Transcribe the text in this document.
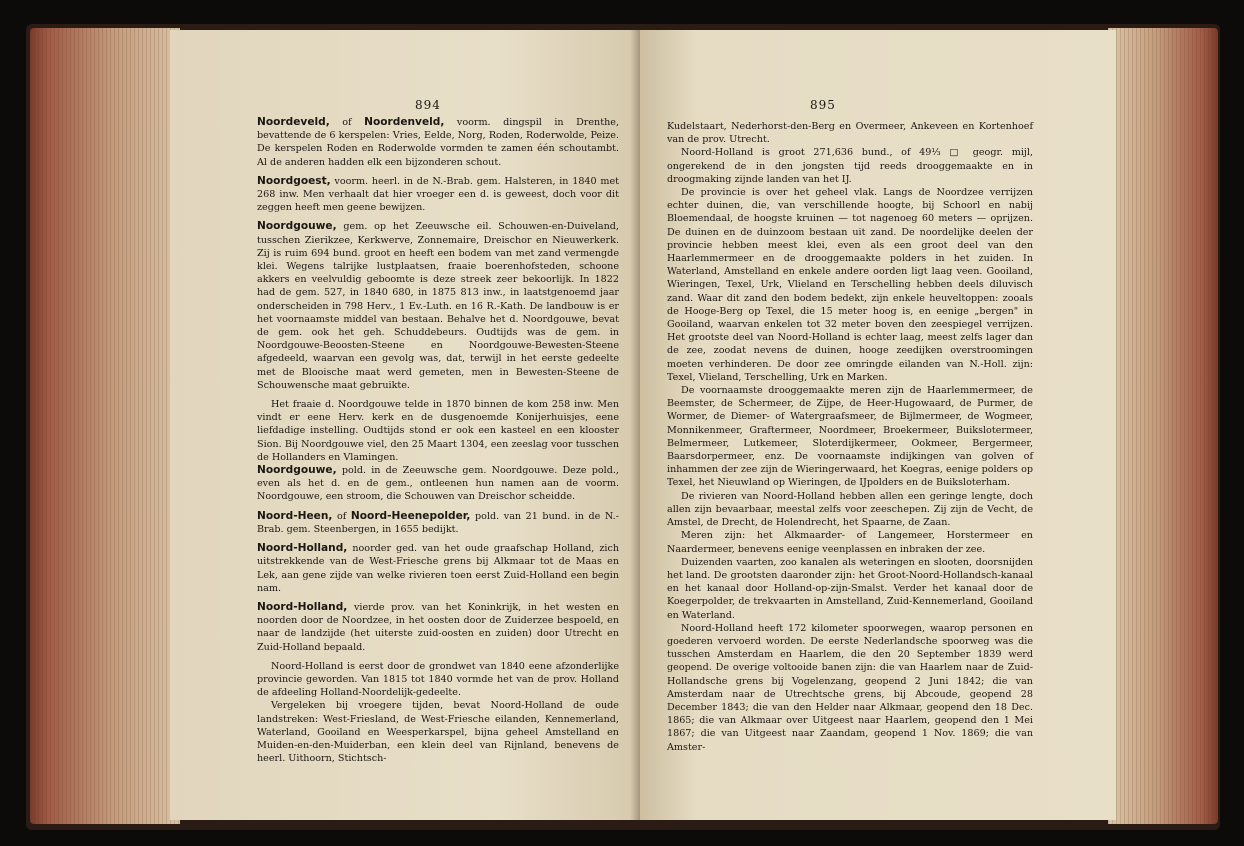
894

Noordeveld, of Noordenveld, voorm. dingspil in Drenthe, bevattende de 6 kerspelen: Vries, Eelde, Norg, Roden, Roderwolde, Peize. De kerspelen Roden en Roderwolde vormden te zamen één schoutambt. Al de anderen hadden elk een bijzonderen schout.

Noordgoest, voorm. heerl. in de N.-Brab. gem. Halsteren, in 1840 met 268 inw. Men verhaalt dat hier vroeger een d. is geweest, doch voor dit zeggen heeft men geene bewijzen.

Noordgouwe, gem. op het Zeeuwsche eil. Schouwen-en-Duiveland, tusschen Zierikzee, Kerkwerve, Zonnemaire, Dreischor en Nieuwerkerk. Zij is ruim 694 bund. groot en heeft een bodem van met zand vermengde klei. Wegens talrijke lustplaatsen, fraaie boerenhofsteden, schoone akkers en veelvuldig geboomte is deze streek zeer bekoorlijk. In 1822 had de gem. 527, in 1840 680, in 1875 813 inw., in laatstgenoemd jaar onderscheiden in 798 Herv., 1 Ev.-Luth. en 16 R.-Kath. De landbouw is er het voornaamste middel van bestaan. Behalve het d. Noordgouwe, bevat de gem. ook het geh. Schuddebeurs. Oudtijds was de gem. in Noordgouwe-Beoosten-Steene en Noordgouwe-Bewesten-Steene afgedeeld, waarvan een gevolg was, dat, terwijl in het eerste gedeelte met de Blooische maat werd gemeten, men in Bewesten-Steene de Schouwensche maat gebruikte.

Het fraaie d. Noordgouwe telde in 1870 binnen de kom 258 inw. Men vindt er eene Herv. kerk en de dusgenoemde Konijerhuisjes, eene liefdadige instelling. Oudtijds stond er ook een kasteel en een klooster Sion. Bij Noordgouwe viel, den 25 Maart 1304, een zeeslag voor tusschen de Hollanders en Vlamingen.

Noordgouwe, pold. in de Zeeuwsche gem. Noordgouwe. Deze pold., even als het d. en de gem., ontleenen hun namen aan de voorm. Noordgouwe, een stroom, die Schouwen van Dreischor scheidde.

Noord-Heen, of Noord-Heenepolder, pold. van 21 bund. in de N.-Brab. gem. Steenbergen, in 1655 bedijkt.

Noord-Holland, noorder ged. van het oude graafschap Holland, zich uitstrekkende van de West-Friesche grens bij Alkmaar tot de Maas en Lek, aan gene zijde van welke rivieren toen eerst Zuid-Holland een begin nam.

Noord-Holland, vierde prov. van het Koninkrijk, in het westen en noorden door de Noordzee, in het oosten door de Zuiderzee bespoeld, en naar de landzijde (het uiterste zuid-oosten en zuiden) door Utrecht en Zuid-Holland bepaald.

Noord-Holland is eerst door de grondwet van 1840 eene afzonderlijke provincie geworden. Van 1815 tot 1840 vormde het van de prov. Holland de afdeeling Holland-Noordelijk-gedeelte.

Vergeleken bij vroegere tijden, bevat Noord-Holland de oude landstreken: West-Friesland, de West-Friesche eilanden, Kennemerland, Waterland, Gooiland en Weesperkarspel, bijna geheel Amstelland en Muiden-en-den-Muiderban, een klein deel van Rijnland, benevens de heerl. Uithoorn, Stichtsch-

895

Kudelstaart, Nederhorst-den-Berg en Overmeer, Ankeveen en Kortenhoef van de prov. Utrecht.

Noord-Holland is groot 271,636 bund., of 49⅓ □ geogr. mijl, ongerekend de in den jongsten tijd reeds drooggemaakte en in droogmaking zijnde landen van het IJ.

De provincie is over het geheel vlak. Langs de Noordzee verrijzen echter duinen, die, van verschillende hoogte, bij Schoorl en nabij Bloemendaal, de hoogste kruinen — tot nagenoeg 60 meters — oprijzen. De duinen en de duinzoom bestaan uit zand. De noordelijke deelen der provincie hebben meest klei, even als een groot deel van den Haarlemmermeer en de drooggemaakte polders in het zuiden. In Waterland, Amstelland en enkele andere oorden ligt laag veen. Gooiland, Wieringen, Texel, Urk, Vlieland en Terschelling hebben deels diluvisch zand. Waar dit zand den bodem bedekt, zijn enkele heuveltoppen: zooals de Hooge-Berg op Texel, die 15 meter hoog is, en eenige „bergen" in Gooiland, waarvan enkelen tot 32 meter boven den zeespiegel verrijzen. Het grootste deel van Noord-Holland is echter laag, meest zelfs lager dan de zee, zoodat nevens de duinen, hooge zeedijken overstroomingen moeten verhinderen. De door zee omringde eilanden van N.-Holl. zijn: Texel, Vlieland, Terschelling, Urk en Marken.

De voornaamste drooggemaakte meren zijn de Haarlemmermeer, de Beemster, de Schermeer, de Zijpe, de Heer-Hugowaard, de Purmer, de Wormer, de Diemer- of Watergraafsmeer, de Bijlmermeer, de Wogmeer, Monnikenmeer, Graftermeer, Noordmeer, Broekermeer, Buikslotermeer, Belmermeer, Lutkemeer, Sloterdijkermeer, Ookmeer, Bergermeer, Baarsdorpermeer, enz. De voornaamste indijkingen van golven of inhammen der zee zijn de Wieringerwaard, het Koegras, eenige polders op Texel, het Nieuwland op Wieringen, de IJpolders en de Buiksloterham.

De rivieren van Noord-Holland hebben allen een geringe lengte, doch allen zijn bevaarbaar, meestal zelfs voor zeeschepen. Zij zijn de Vecht, de Amstel, de Drecht, de Holendrecht, het Spaarne, de Zaan.

Meren zijn: het Alkmaarder- of Langemeer, Horstermeer en Naardermeer, benevens eenige veenplassen en inbraken der zee.

Duizenden vaarten, zoo kanalen als weteringen en slooten, doorsnijden het land. De grootsten daaronder zijn: het Groot-Noord-Hollandsch-kanaal en het kanaal door Holland-op-zijn-Smalst. Verder het kanaal door de Koegerpolder, de trekvaarten in Amstelland, Zuid-Kennemerland, Gooiland en Waterland.

Noord-Holland heeft 172 kilometer spoorwegen, waarop personen en goederen vervoerd worden. De eerste Nederlandsche spoorweg was die tusschen Amsterdam en Haarlem, die den 20 September 1839 werd geopend. De overige voltooide banen zijn: die van Haarlem naar de Zuid-Hollandsche grens bij Vogelenzang, geopend 2 Juni 1842; die van Amsterdam naar de Utrechtsche grens, bij Abcoude, geopend 28 December 1843; die van den Helder naar Alkmaar, geopend den 18 Dec. 1865; die van Alkmaar over Uitgeest naar Haarlem, geopend den 1 Mei 1867; die van Uitgeest naar Zaandam, geopend 1 Nov. 1869; die van Amster-
